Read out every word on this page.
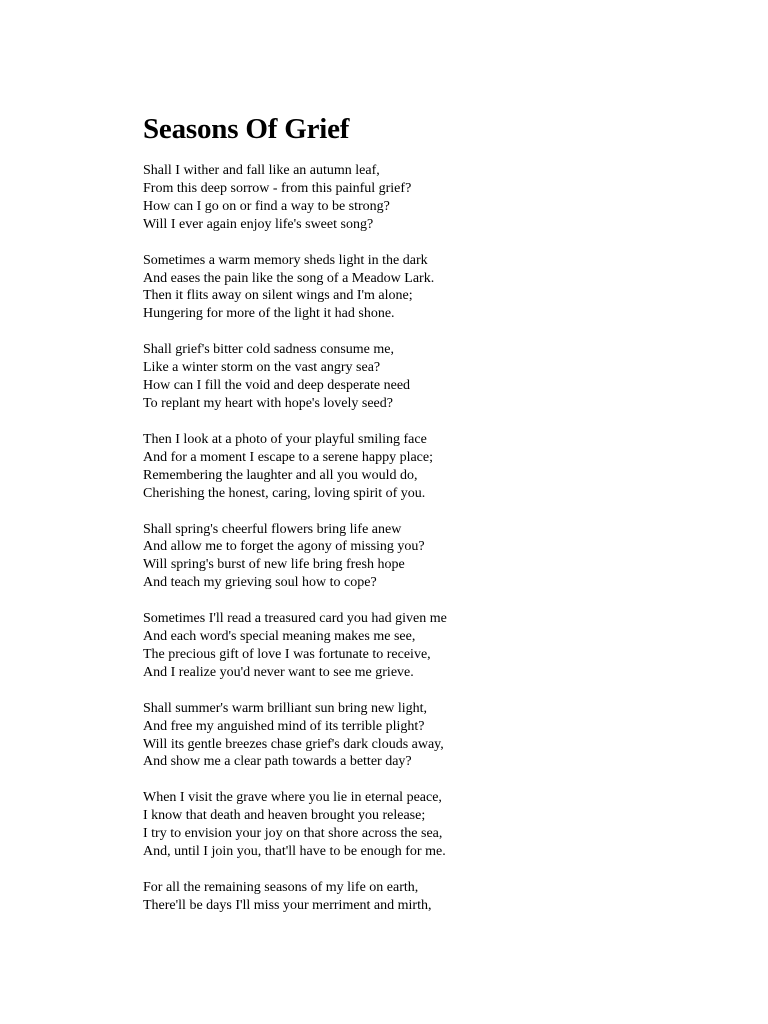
Seasons Of Grief
Shall I wither and fall like an autumn leaf,
From this deep sorrow - from this painful grief?
How can I go on or find a way to be strong?
Will I ever again enjoy life's sweet song?
Sometimes a warm memory sheds light in the dark
And eases the pain like the song of a Meadow Lark.
Then it flits away on silent wings and I'm alone;
Hungering for more of the light it had shone.
Shall grief's bitter cold sadness consume me,
Like a winter storm on the vast angry sea?
How can I fill the void and deep desperate need
To replant my heart with hope's lovely seed?
Then I look at a photo of your playful smiling face
And for a moment I escape to a serene happy place;
Remembering the laughter and all you would do,
Cherishing the honest, caring, loving spirit of you.
Shall spring's cheerful flowers bring life anew
And allow me to forget the agony of missing you?
Will spring's burst of new life bring fresh hope
And teach my grieving soul how to cope?
Sometimes I'll read a treasured card you had given me
And each word's special meaning makes me see,
The precious gift of love I was fortunate to receive,
And I realize you'd never want to see me grieve.
Shall summer's warm brilliant sun bring new light,
And free my anguished mind of its terrible plight?
Will its gentle breezes chase grief's dark clouds away,
And show me a clear path towards a better day?
When I visit the grave where you lie in eternal peace,
I know that death and heaven brought you release;
I try to envision your joy on that shore across the sea,
And, until I join you, that'll have to be enough for me.
For all the remaining seasons of my life on earth,
There'll be days I'll miss your merriment and mirth,
